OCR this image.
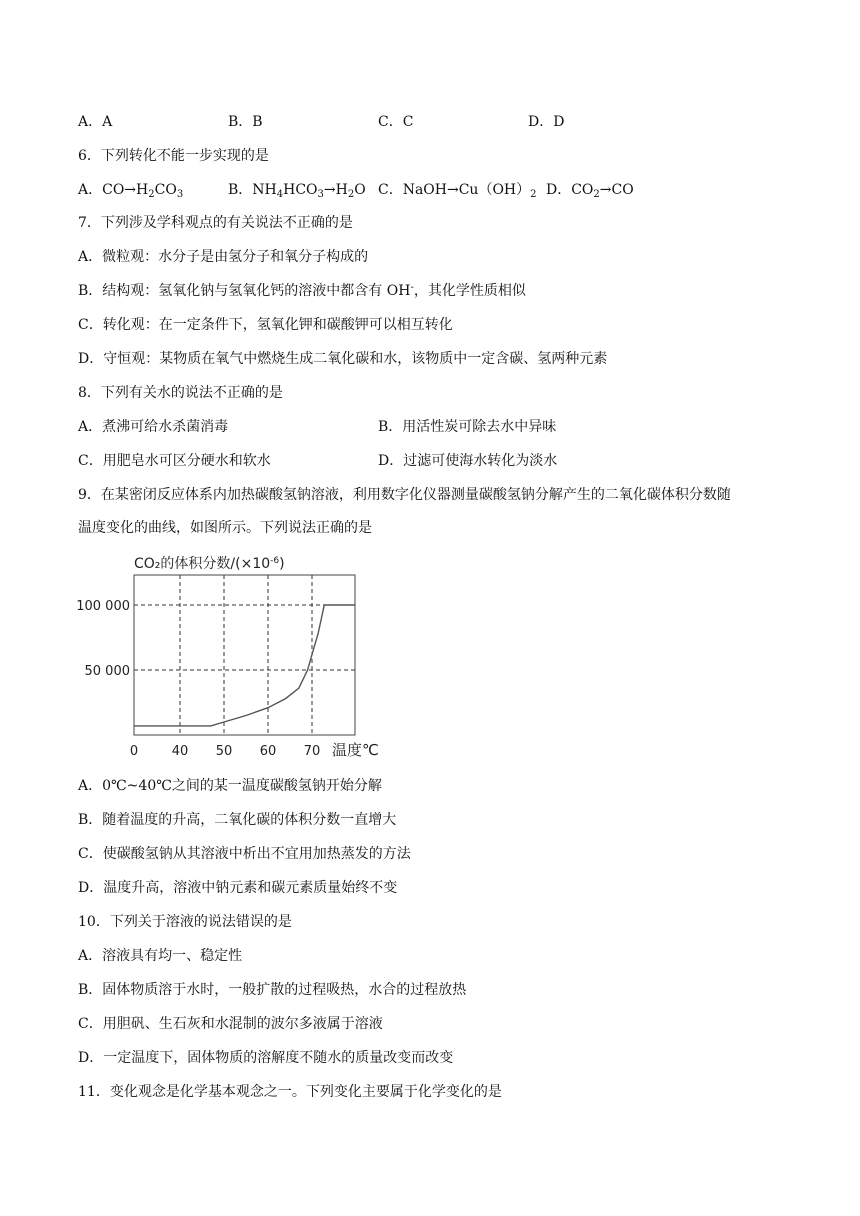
A．A	B．B	C．C	D．D
6．下列转化不能一步实现的是
A．$CO\to H_2CO_3$	B．$NH_4HCO_3\to H_2O$ C．$NaOH\to Cu(OH)_2$ D．$CO_2\to CO$
7．下列涉及学科观点的有关说法不正确的是
A．微粒观：水分子是由氢分子和氧分子构成的
B．结构观：氢氧化钠与氢氧化钙的溶液中都含有 OH-，其化学性质相似
C．转化观：在一定条件下，氢氧化钾和碳酸钾可以相互转化
D．守恒观：某物质在氧气中燃烧生成二氧化碳和水，该物质中一定含碳、氢两种元素
8．下列有关水的说法不正确的是
A．煮沸可给水杀菌消毒	B．用活性炭可除去水中异味
C．用肥皂水可区分硬水和软水	D．过滤可使海水转化为淡水
9．在某密闭反应体系内加热碳酸氢钠溶液，利用数字化仪器测量碳酸氢钠分解产生的二氧化碳体积分数随
温度变化的曲线，如图所示。下列说法正确的是
CO₂的体积分数$/(\times 10^{-6})$
100 000
50 000
0	40 50 60 70 温度℃
A．0℃~40℃之间的某一温度碳酸氢钠开始分解
B．随着温度的升高，二氧化碳的体积分数一直增大
C．使碳酸氢钠从其溶液中析出不宜用加热蒸发的方法
D．温度升高，溶液中钠元素和碳元素质量始终不变
10．下列关于溶液的说法错误的是
A．溶液具有均一、稳定性
B．固体物质溶于水时，一般扩散的过程吸热，水合的过程放热
C．用胆矾、生石灰和水混制的波尔多液属于溶液
D．一定温度下，固体物质的溶解度不随水的质量改变而改变
11．变化观念是化学基本观念之一。下列变化主要属于化学变化的是
